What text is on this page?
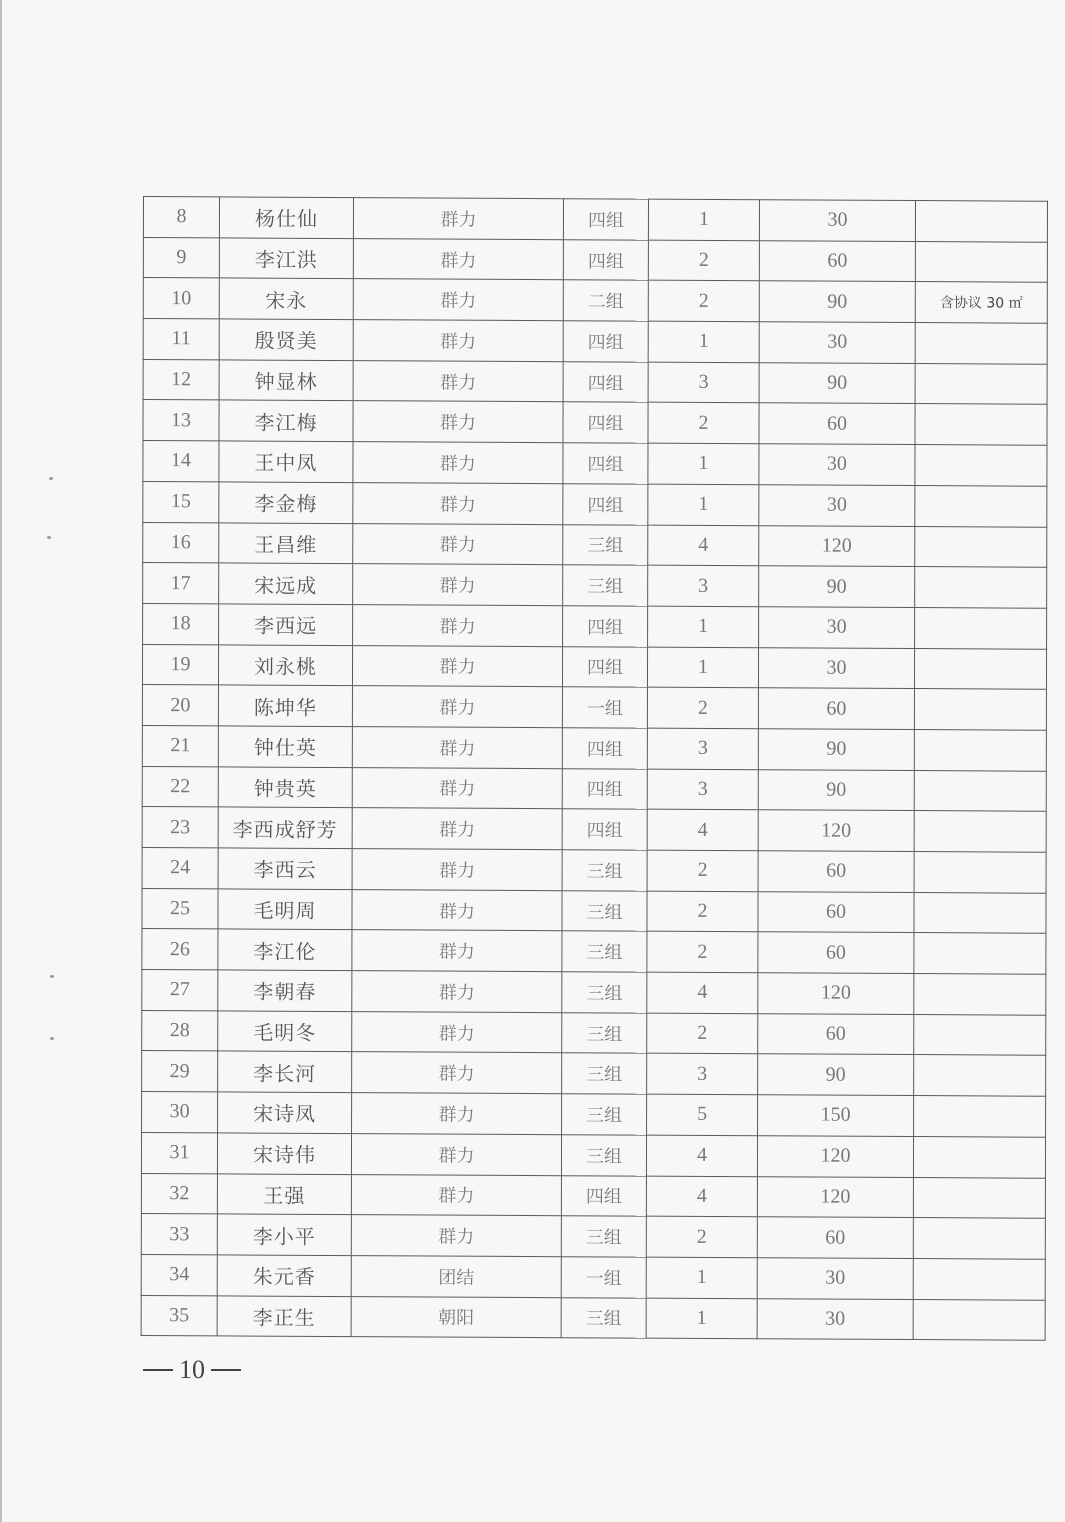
8	杨仕仙	群力	四组	1	30	
9	李江洪	群力	四组	2	60	
10	宋永	群力	二组	2	90	含协议 30 ㎡
11	殷贤美	群力	四组	1	30	
12	钟显林	群力	四组	3	90	
13	李江梅	群力	四组	2	60	
14	王中凤	群力	四组	1	30	
15	李金梅	群力	四组	1	30	
16	王昌维	群力	三组	4	120	
17	宋远成	群力	三组	3	90	
18	李西远	群力	四组	1	30	
19	刘永桃	群力	四组	1	30	
20	陈坤华	群力	一组	2	60	
21	钟仕英	群力	四组	3	90	
22	钟贵英	群力	四组	3	90	
23	李西成舒芳	群力	四组	4	120	
24	李西云	群力	三组	2	60	
25	毛明周	群力	三组	2	60	
26	李江伦	群力	三组	2	60	
27	李朝春	群力	三组	4	120	
28	毛明冬	群力	三组	2	60	
29	李长河	群力	三组	3	90	
30	宋诗凤	群力	三组	5	150	
31	宋诗伟	群力	三组	4	120	
32	王强	群力	四组	4	120	
33	李小平	群力	三组	2	60	
34	朱元香	团结	一组	1	30	
35	李正生	朝阳	三组	1	30	
10
